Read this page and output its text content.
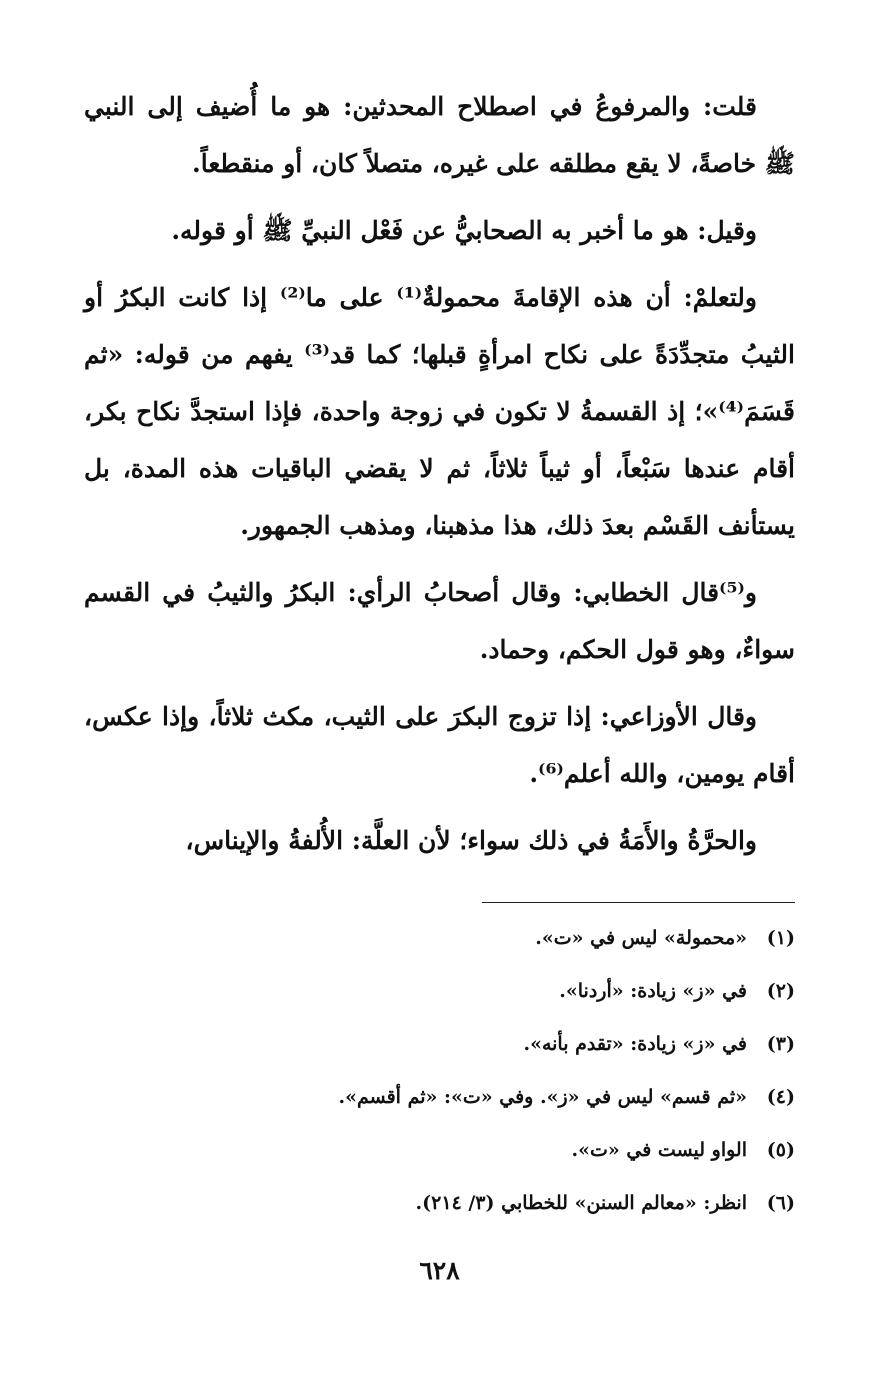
قلت: والمرفوعُ في اصطلاح المحدثين: هو ما أُضيف إلى النبي ﷺ خاصةً، لا يقع مطلقه على غيره، متصلاً كان، أو منقطعاً.

وقيل: هو ما أخبر به الصحابيُّ عن فَعْل النبيِّ ﷺ أو قوله.

ولتعلمْ: أن هذه الإقامةَ محمولةٌ⁽¹⁾ على ما⁽²⁾ إذا كانت البكرُ أو الثيبُ متجدِّدَةً على نكاح امرأةٍ قبلها؛ كما قد⁽³⁾ يفهم من قوله: «ثم قَسَمَ⁽⁴⁾»؛ إذ القسمةُ لا تكون في زوجة واحدة، فإذا استجدَّ نكاح بكر، أقام عندها سَبْعاً، أو ثيباً ثلاثاً، ثم لا يقضي الباقيات هذه المدة، بل يستأنف القَسْم بعدَ ذلك، هذا مذهبنا، ومذهب الجمهور.

و⁽⁵⁾قال الخطابي: وقال أصحابُ الرأي: البكرُ والثيبُ في القسم سواءٌ، وهو قول الحكم، وحماد.

وقال الأوزاعي: إذا تزوج البكرَ على الثيب، مكث ثلاثاً، وإذا عكس، أقام يومين، والله أعلم⁽⁶⁾.

والحرَّةُ والأَمَةُ في ذلك سواء؛ لأن العلَّة: الأُلفةُ والإيناس،

(١)
«محمولة» ليس في «ت».
(٢)
في «ز» زيادة: «أردنا».
(٣)
في «ز» زيادة: «تقدم بأنه».
(٤)
«ثم قسم» ليس في «ز». وفي «ت»: «ثم أقسم».
(٥)
الواو ليست في «ت».
(٦)
انظر: «معالم السنن» للخطابي (٣/ ٢١٤).
٦٢٨
